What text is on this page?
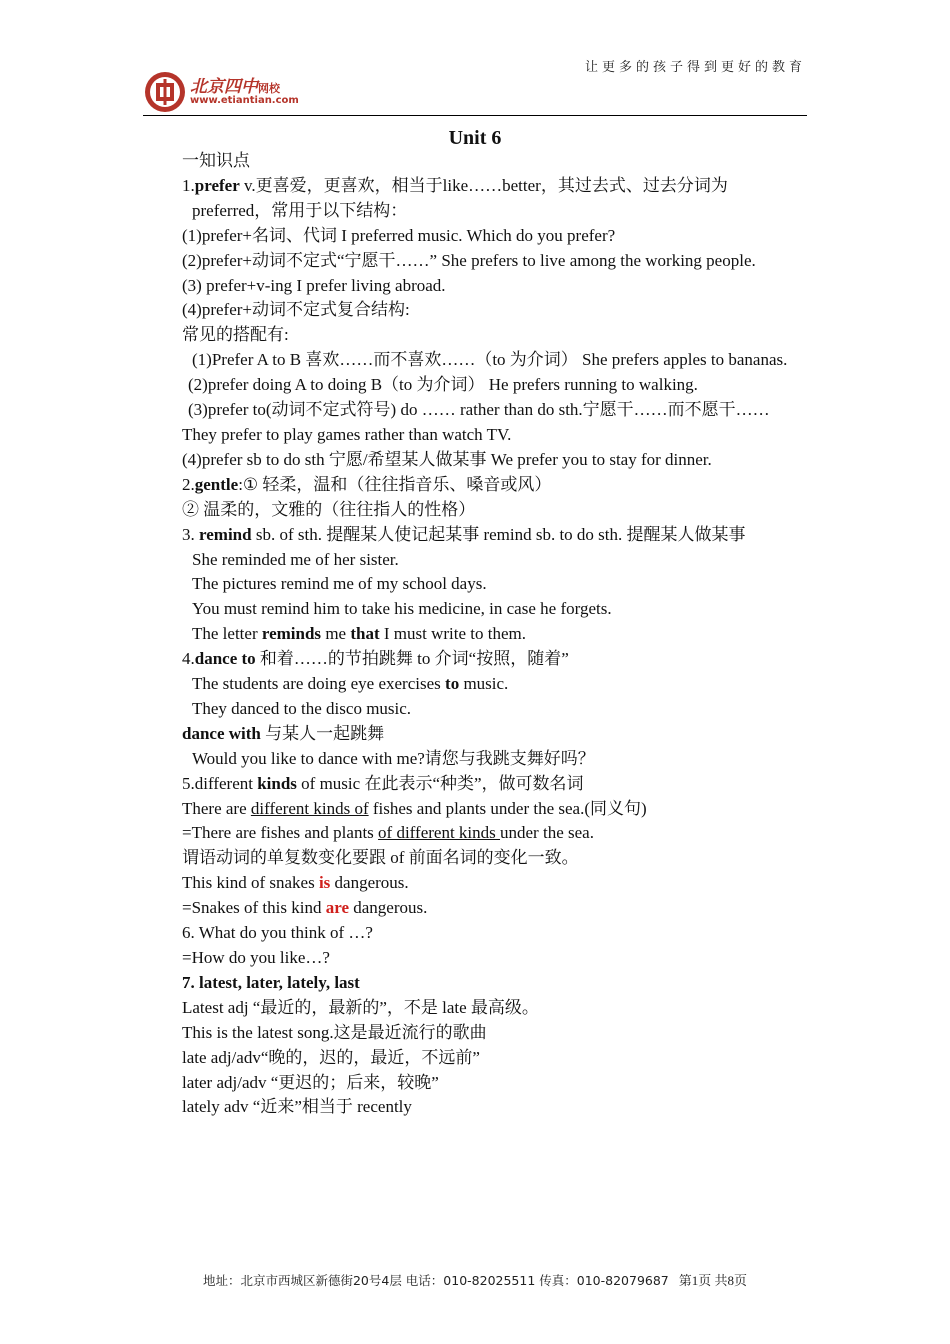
让更多的孩子得到更好的教育
北京四中网校
www.etiantian.com
Unit 6
一知识点
1.prefer v.更喜爱，更喜欢，相当于like……better，其过去式、过去分词为
preferred，常用于以下结构：
(1)prefer+名词、代词 I preferred music. Which do you prefer?
(2)prefer+动词不定式“宁愿干……” She prefers to live among the working people.
(3) prefer+v-ing I prefer living abroad.
(4)prefer+动词不定式复合结构:
常见的搭配有:
(1)Prefer A to B 喜欢……而不喜欢……（to 为介词） She prefers apples to bananas.
(2)prefer doing A to doing B（to 为介词） He prefers running to walking.
(3)prefer to(动词不定式符号) do …… rather than do sth.宁愿干……而不愿干……
They prefer to play games rather than watch TV.
(4)prefer sb to do sth 宁愿/希望某人做某事 We prefer you to stay for dinner.
2.gentle:① 轻柔，温和（往往指音乐、嗓音或风）
② 温柔的，文雅的（往往指人的性格）
3. remind sb. of sth. 提醒某人使记起某事 remind sb. to do sth. 提醒某人做某事
She reminded me of her sister.
The pictures remind me of my school days.
You must remind him to take his medicine, in case he forgets.
The letter reminds me that I must write to them.
4.dance to 和着……的节拍跳舞 to 介词“按照，随着”
The students are doing eye exercises to music.
They danced to the disco music.
dance with 与某人一起跳舞
Would you like to dance with me?请您与我跳支舞好吗？
5.different kinds of music 在此表示“种类”，做可数名词
There are different kinds of fishes and plants under the sea.(同义句)
=There are fishes and plants of different kinds under the sea.
谓语动词的单复数变化要跟 of 前面名词的变化一致。
This kind of snakes is dangerous.
=Snakes of this kind are dangerous.
6. What do you think of …?
=How do you like…?
7. latest, later, lately, last
Latest adj “最近的，最新的”，不是 late 最高级。
This is the latest song.这是最近流行的歌曲
late adj/adv“晚的，迟的，最近，不远前”
later adj/adv “更迟的；后来，较晚”
lately adv “近来”相当于 recently
地址：北京市西城区新德街20号4层 电话：010-82025511 传真：010-82079687 第1页 共8页
